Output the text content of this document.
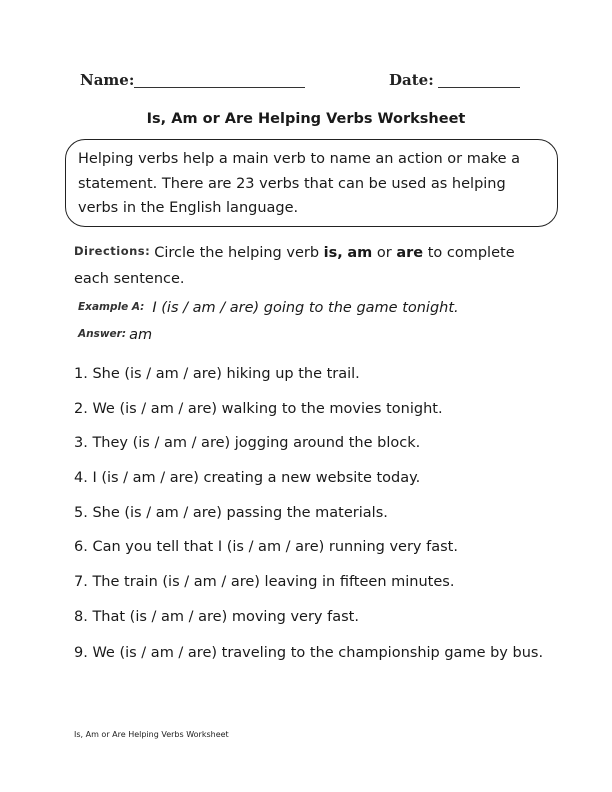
Name:	Date:
Is, Am or Are Helping Verbs Worksheet
Helping verbs help a main verb to name an action or make a statement. There are 23 verbs that can be used as helping verbs in the English language.
Directions: Circle the helping verb is, am or are to complete each sentence.
Example A: I (is / am / are) going to the game tonight.
Answer: am
1. She (is / am / are) hiking up the trail.
2. We (is / am / are) walking to the movies tonight.
3. They (is / am / are) jogging around the block.
4. I (is / am / are) creating a new website today.
5. She (is / am / are) passing the materials.
6. Can you tell that I (is / am / are) running very fast.
7. The train (is / am / are) leaving in fifteen minutes.
8. That (is / am / are) moving very fast.
9. We (is / am / are) traveling to the championship game by bus.
Is, Am or Are Helping Verbs Worksheet
